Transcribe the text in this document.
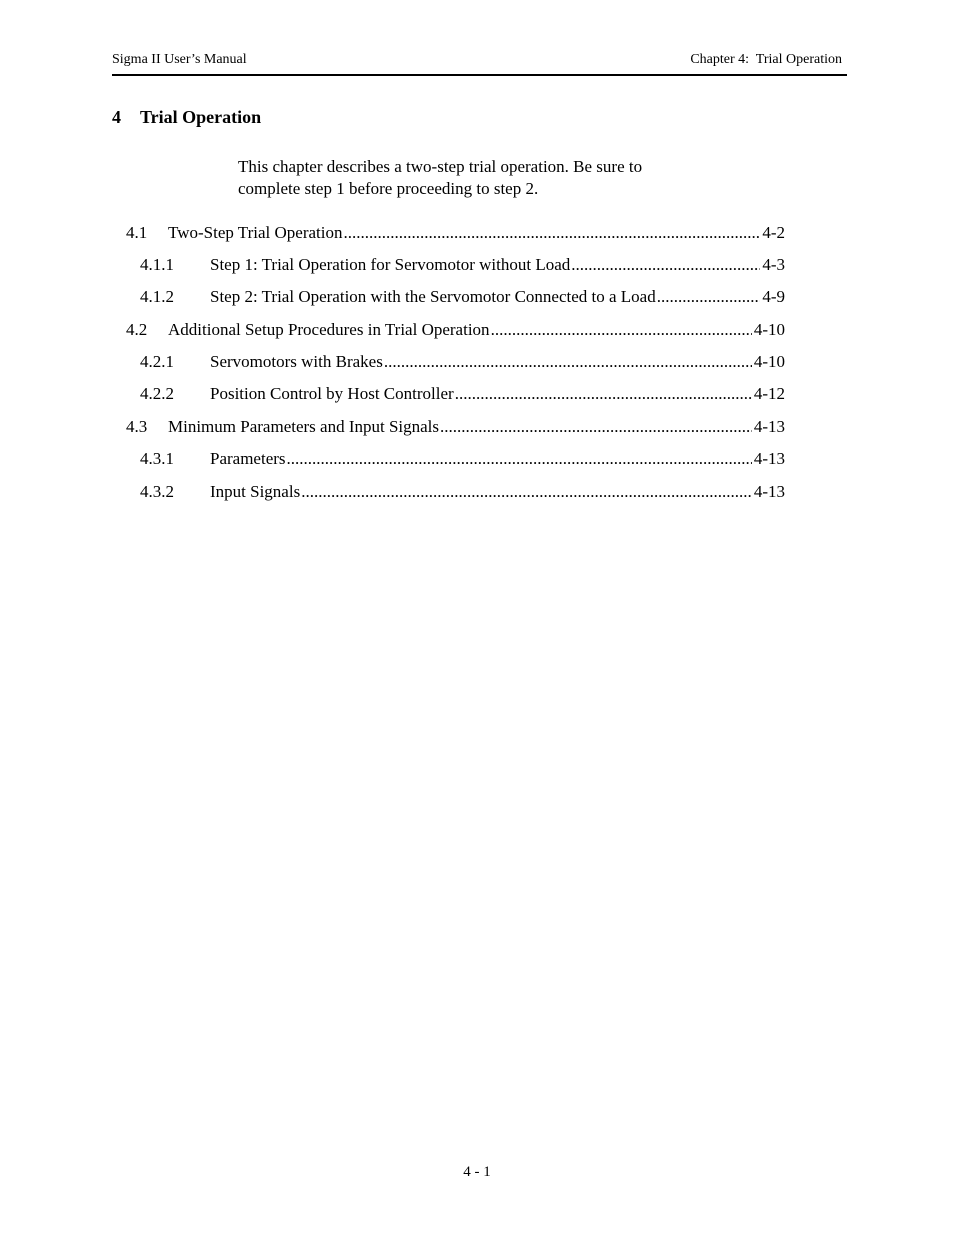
Sigma II User’s Manual	Chapter 4:  Trial Operation
4 Trial Operation

This chapter describes a two-step trial operation. Be sure to

complete step 1 before proceeding to step 2.

4.1	Two-Step Trial Operation .....	4-2
4.1.1	Step 1: Trial Operation for Servomotor without Load .....	4-3
4.1.2	Step 2: Trial Operation with the Servomotor Connected to a Load .....	4-9
4.2	Additional Setup Procedures in Trial Operation .....	4-10
4.2.1	Servomotors with Brakes .....	4-10
4.2.2	Position Control by Host Controller .....	4-12
4.3	Minimum Parameters and Input Signals .....	4-13
4.3.1	Parameters .....	4-13
4.3.2	Input Signals .....	4-13
4 - 1
